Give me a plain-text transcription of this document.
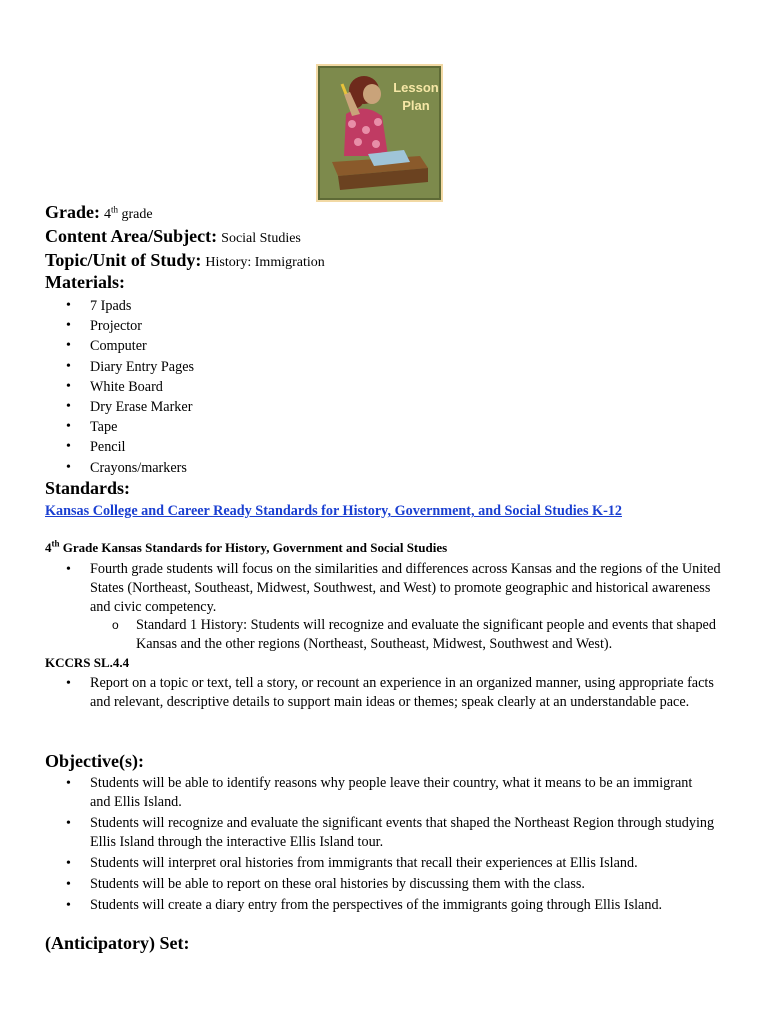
Lesson
Plan
Grade: 4th grade
Content Area/Subject: Social Studies
Topic/Unit of Study: History: Immigration
Materials:
• 7 Ipads
• Projector
• Computer
• Diary Entry Pages
• White Board
• Dry Erase Marker
• Tape
• Pencil
• Crayons/markers
Standards:
Kansas College and Career Ready Standards for History, Government, and Social Studies K-12
4th Grade Kansas Standards for History, Government and Social Studies
• Fourth grade students will focus on the similarities and differences across Kansas and the regions of the United States (Northeast, Southeast, Midwest, Southwest, and West) to promote geographic and historical awareness and civic competency.
o Standard 1 History: Students will recognize and evaluate the significant people and events that shaped Kansas and the other regions (Northeast, Southeast, Midwest, Southwest and West).
KCCRS SL.4.4
• Report on a topic or text, tell a story, or recount an experience in an organized manner, using appropriate facts and relevant, descriptive details to support main ideas or themes; speak clearly at an understandable pace.
Objective(s):
• Students will be able to identify reasons why people leave their country, what it means to be an immigrant and Ellis Island.
• Students will recognize and evaluate the significant events that shaped the Northeast Region through studying Ellis Island through the interactive Ellis Island tour.
• Students will interpret oral histories from immigrants that recall their experiences at Ellis Island.
• Students will be able to report on these oral histories by discussing them with the class.
• Students will create a diary entry from the perspectives of the immigrants going through Ellis Island.
(Anticipatory) Set:
